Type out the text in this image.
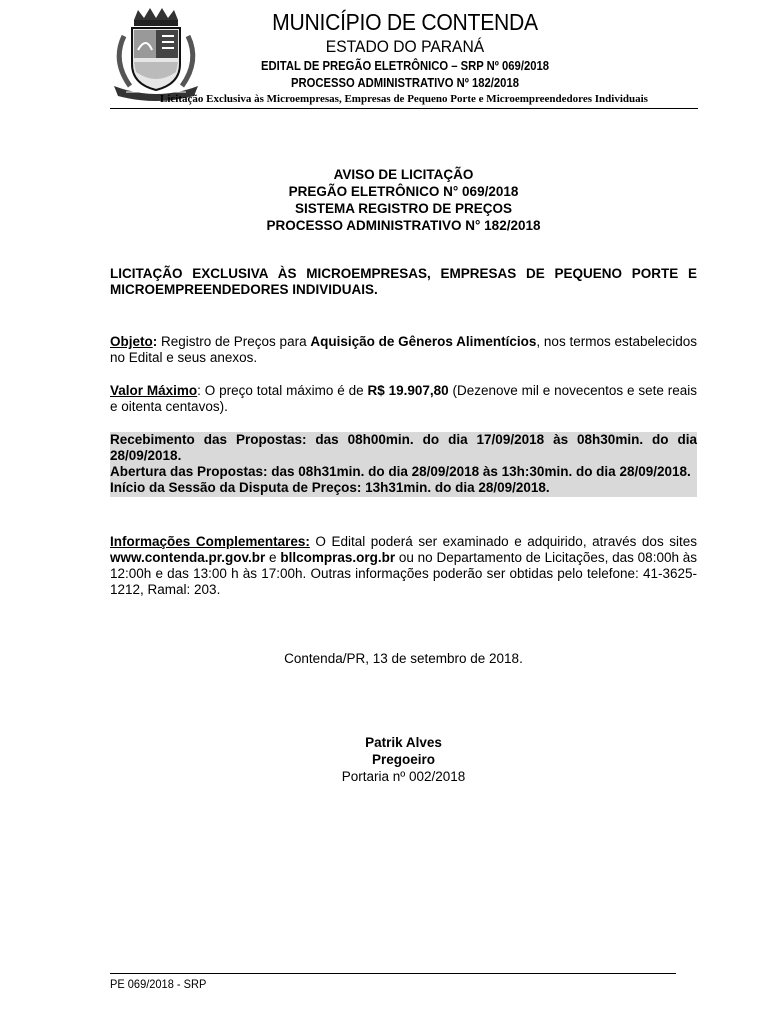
MUNICÍPIO DE CONTENDA
ESTADO DO PARANÁ
EDITAL DE PREGÃO ELETRÔNICO – SRP Nº 069/2018
PROCESSO ADMINISTRATIVO Nº 182/2018
Licitação Exclusiva às Microempresas, Empresas de Pequeno Porte e Microempreendedores Individuais
AVISO DE LICITAÇÃO
PREGÃO ELETRÔNICO N° 069/2018
SISTEMA REGISTRO DE PREÇOS
PROCESSO ADMINISTRATIVO N° 182/2018
LICITAÇÃO EXCLUSIVA ÀS MICROEMPRESAS, EMPRESAS DE PEQUENO PORTE E MICROEMPREENDEDORES INDIVIDUAIS.
Objeto: Registro de Preços para Aquisição de Gêneros Alimentícios, nos termos estabelecidos no Edital e seus anexos.
Valor Máximo: O preço total máximo é de R$ 19.907,80 (Dezenove mil e novecentos e sete reais e oitenta centavos).
Recebimento das Propostas: das 08h00min. do dia 17/09/2018 às 08h30min. do dia 28/09/2018.
Abertura das Propostas: das 08h31min. do dia 28/09/2018 às 13h:30min. do dia 28/09/2018.
Início da Sessão da Disputa de Preços: 13h31min. do dia 28/09/2018.
Informações Complementares: O Edital poderá ser examinado e adquirido, através dos sites www.contenda.pr.gov.br e bllcompras.org.br ou no Departamento de Licitações, das 08:00h às 12:00h e das 13:00 h às 17:00h. Outras informações poderão ser obtidas pelo telefone: 41-3625-1212, Ramal: 203.
Contenda/PR, 13 de setembro de 2018.
Patrik Alves
Pregoeiro
Portaria nº 002/2018
PE 069/2018 - SRP
